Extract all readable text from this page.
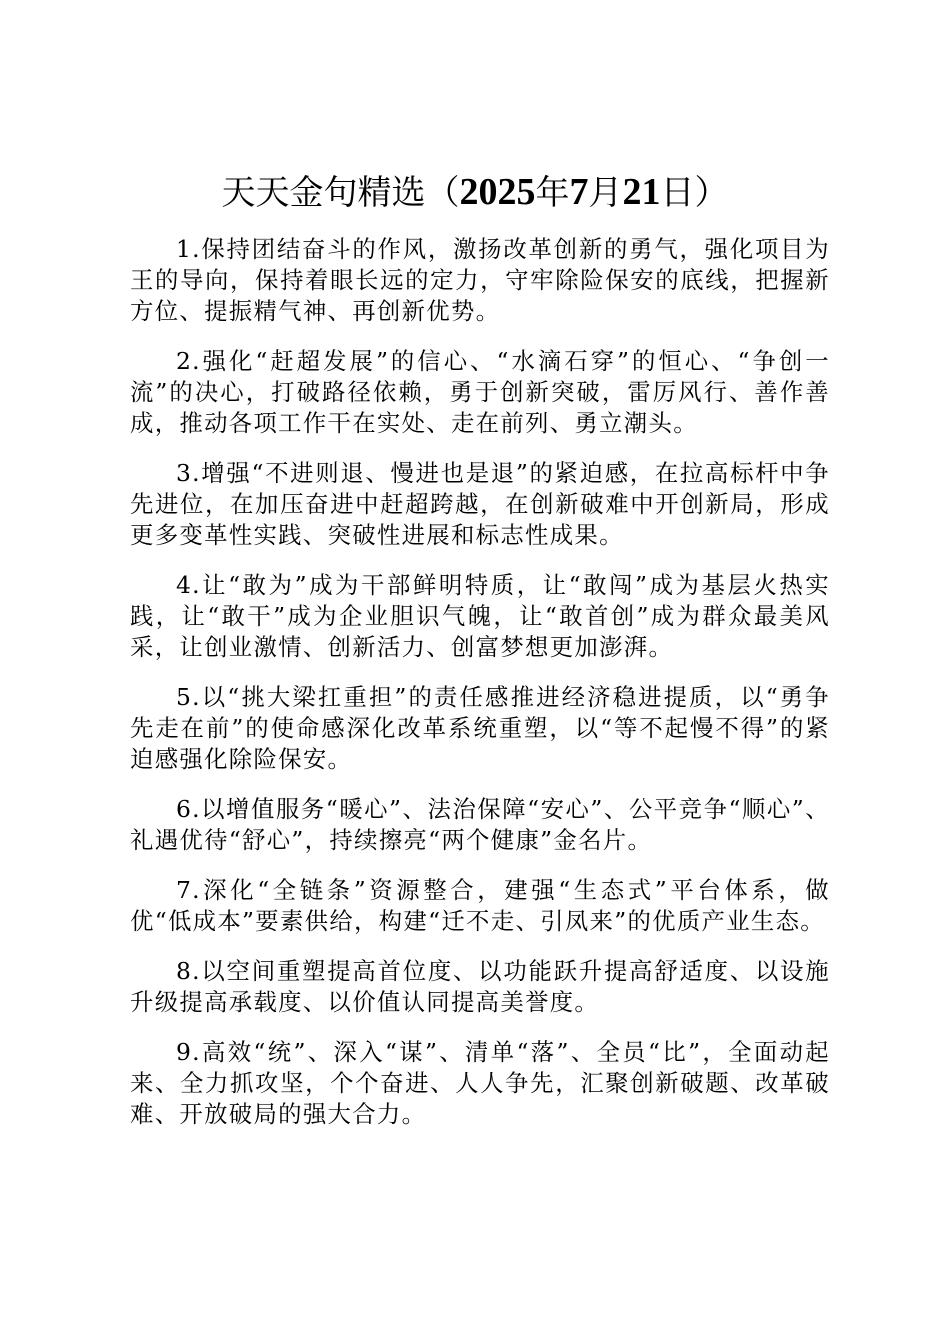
天天金句精选（2025年7月21日）

1.保持团结奋斗的作风，激扬改革创新的勇气，强化项目为王的导向，保持着眼长远的定力，守牢除险保安的底线，把握新方位、提振精气神、再创新优势。

2.强化“赶超发展”的信心、“水滴石穿”的恒心、“争创一流”的决心，打破路径依赖，勇于创新突破，雷厉风行、善作善成，推动各项工作干在实处、走在前列、勇立潮头。

3.增强“不进则退、慢进也是退”的紧迫感，在拉高标杆中争先进位，在加压奋进中赶超跨越，在创新破难中开创新局，形成更多变革性实践、突破性进展和标志性成果。

4.让“敢为”成为干部鲜明特质，让“敢闯”成为基层火热实践，让“敢干”成为企业胆识气魄，让“敢首创”成为群众最美风采，让创业激情、创新活力、创富梦想更加澎湃。

5.以“挑大梁扛重担”的责任感推进经济稳进提质，以“勇争先走在前”的使命感深化改革系统重塑，以“等不起慢不得”的紧迫感强化除险保安。

6.以增值服务“暖心”、法治保障“安心”、公平竞争“顺心”、礼遇优待“舒心”，持续擦亮“两个健康”金名片。

7.深化“全链条”资源整合，建强“生态式”平台体系，做优“低成本”要素供给，构建“迁不走、引凤来”的优质产业生态。

8.以空间重塑提高首位度、以功能跃升提高舒适度、以设施升级提高承载度、以价值认同提高美誉度。

9.高效“统”、深入“谋”、清单“落”、全员“比”，全面动起来、全力抓攻坚，个个奋进、人人争先，汇聚创新破题、改革破难、开放破局的强大合力。
